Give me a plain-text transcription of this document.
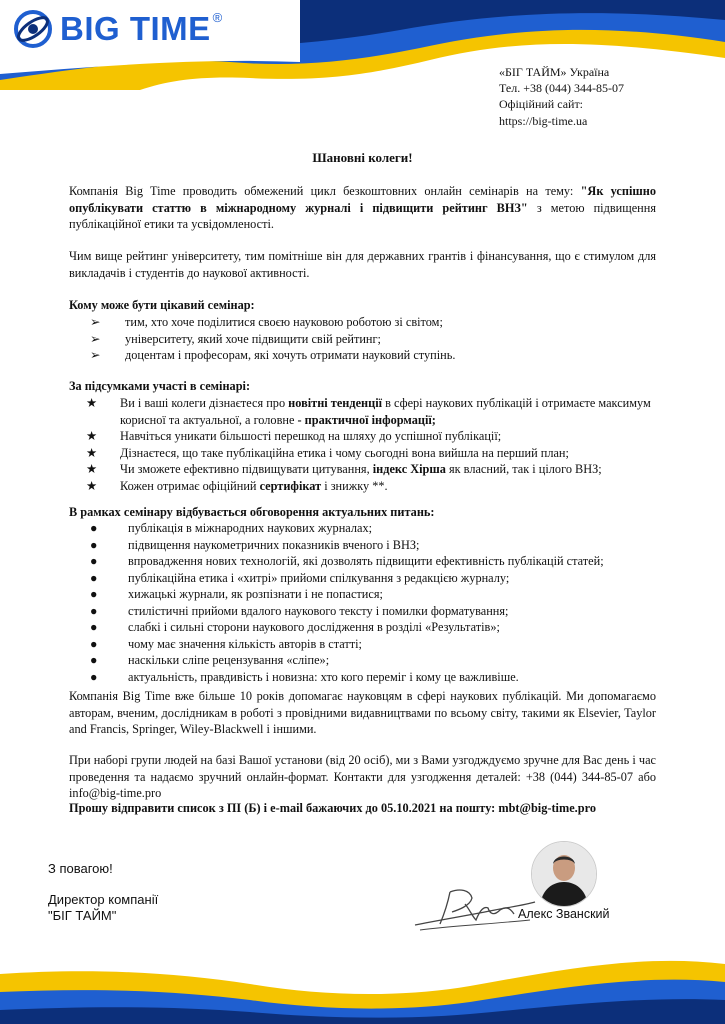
BIG TIME ®
«БІГ ТАЙМ» Україна
Тел. +38 (044) 344-85-07
Офіційний сайт:
https://big-time.ua
Шановні колеги!
Компанія Big Time проводить обмежений цикл безкоштовних онлайн семінарів на тему: "Як успішно опублікувати статтю в міжнародному журналі і підвищити рейтинг ВНЗ" з метою підвищення публікаційної етики та усвідомленості.
Чим вище рейтинг університету, тим помітніше він для державних грантів і фінансування, що є стимулом для викладачів і студентів до наукової активності.
Кому може бути цікавий семінар:
➢ тим, хто хоче поділитися своєю науковою роботою зі світом;
➢ університету, який хоче підвищити свій рейтинг;
➢ доцентам і професорам, які хочуть отримати науковий ступінь.
За підсумками участі в семінарі:
★ Ви і ваші колеги дізнаєтеся про новітні тенденції в сфері наукових публікацій і отримаєте максимум корисної та актуальної, а головне - практичної інформації;
★ Навчіться уникати більшості перешкод на шляху до успішної публікації;
★ Дізнаєтеся, що таке публікаційна етика і чому сьогодні вона вийшла на перший план;
★ Чи зможете ефективно підвищувати цитування, індекс Хірша як власний, так і цілого ВНЗ;
★ Кожен отримає офіційний сертифікат і знижку **.
В рамках семінару відбувається обговорення актуальних питань:
● публікація в міжнародних наукових журналах;
● підвищення наукометричних показників вченого і ВНЗ;
● впровадження нових технологій, які дозволять підвищити ефективність публікацій статей;
● публікаційна етика і «хитрі» прийоми спілкування з редакцією журналу;
● хижацькі журнали, як розпізнати і не попастися;
● стилістичні прийоми вдалого наукового тексту і помилки форматування;
● слабкі і сильні сторони наукового дослідження в розділі «Результатів»;
● чому має значення кількість авторів в статті;
● наскільки сліпе рецензування «сліпе»;
● актуальність, правдивість і новизна: хто кого переміг і кому це важливіше.
Компанія Big Time вже більше 10 років допомагає науковцям в сфері наукових публікацій. Ми допомагаємо авторам, вченим, дослідникам в роботі з провідними видавництвами по всьому світу, такими як Elsevier, Taylor and Francis, Springer, Wiley-Blackwell і іншими.
При наборі групи людей на базі Вашої установи (від 20 осіб), ми з Вами узгодждуємо зручне для Вас день і час проведення та надаємо зручний онлайн-формат. Контакти для узгодження деталей: +38 (044) 344-85-07 або info@big-time.pro
Прошу відправити список з ПІ (Б) і e-mail бажаючих до 05.10.2021 на пошту: mbt@big-time.pro
З повагою!
Директор компанії
"БІГ ТАЙМ"	Алекс Званский
